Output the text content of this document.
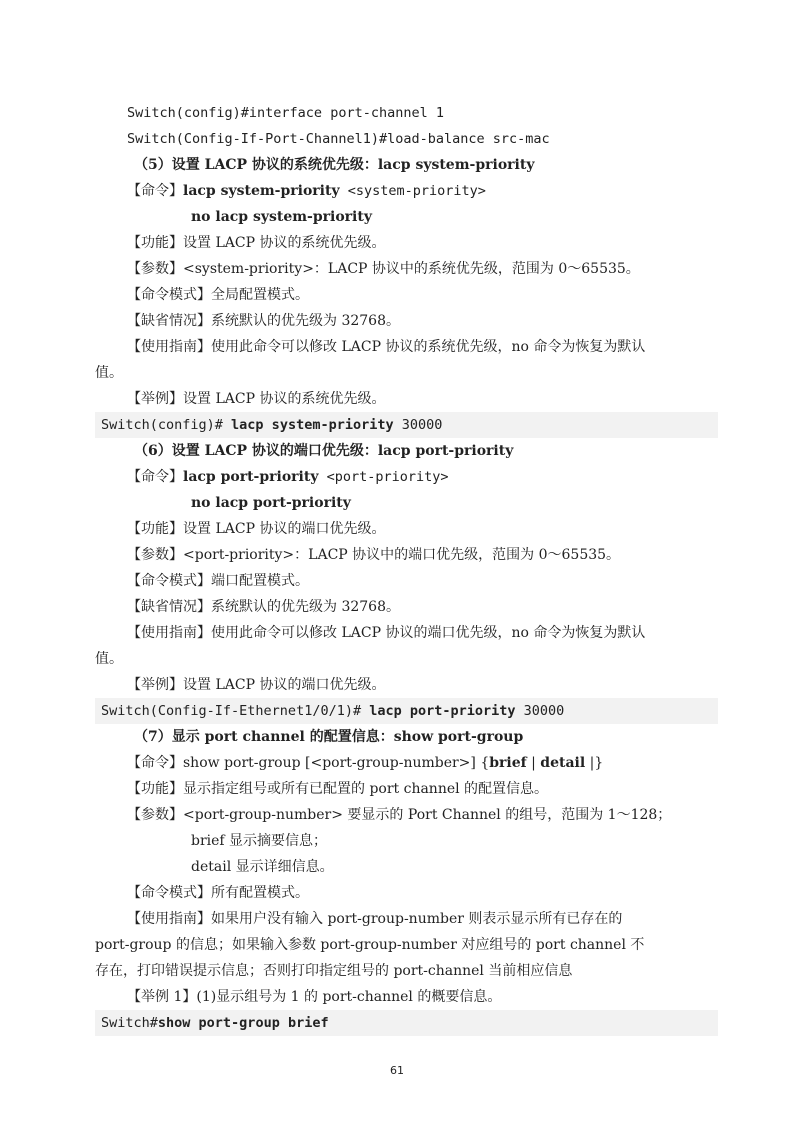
Switch(config)#interface port-channel 1
Switch(Config-If-Port-Channel1)#load-balance src-mac
（5）设置 LACP 协议的系统优先级：lacp system-priority
【命令】lacp system-priority <system-priority>
no lacp system-priority
【功能】设置 LACP 协议的系统优先级。
【参数】<system-priority>：LACP 协议中的系统优先级，范围为 0～65535。
【命令模式】全局配置模式。
【缺省情况】系统默认的优先级为 32768。
【使用指南】使用此命令可以修改 LACP 协议的系统优先级，no 命令为恢复为默认
值。
【举例】设置 LACP 协议的系统优先级。
Switch(config)# lacp system-priority 30000
（6）设置 LACP 协议的端口优先级：lacp port-priority
【命令】lacp port-priority <port-priority>
no lacp port-priority
【功能】设置 LACP 协议的端口优先级。
【参数】<port-priority>：LACP 协议中的端口优先级，范围为 0～65535。
【命令模式】端口配置模式。
【缺省情况】系统默认的优先级为 32768。
【使用指南】使用此命令可以修改 LACP 协议的端口优先级，no 命令为恢复为默认
值。
【举例】设置 LACP 协议的端口优先级。
Switch(Config-If-Ethernet1/0/1)# lacp port-priority 30000
（7）显示 port channel 的配置信息：show port-group
【命令】show port-group [<port-group-number>] {brief | detail |}
【功能】显示指定组号或所有已配置的 port channel 的配置信息。
【参数】<port-group-number> 要显示的 Port Channel 的组号，范围为 1～128；
brief 显示摘要信息；
detail 显示详细信息。
【命令模式】所有配置模式。
【使用指南】如果用户没有输入 port-group-number 则表示显示所有已存在的
port-group 的信息；如果输入参数 port-group-number 对应组号的 port channel 不
存在，打印错误提示信息；否则打印指定组号的 port-channel 当前相应信息
【举例 1】(1)显示组号为 1 的 port-channel 的概要信息。
Switch#show port-group brief
61
